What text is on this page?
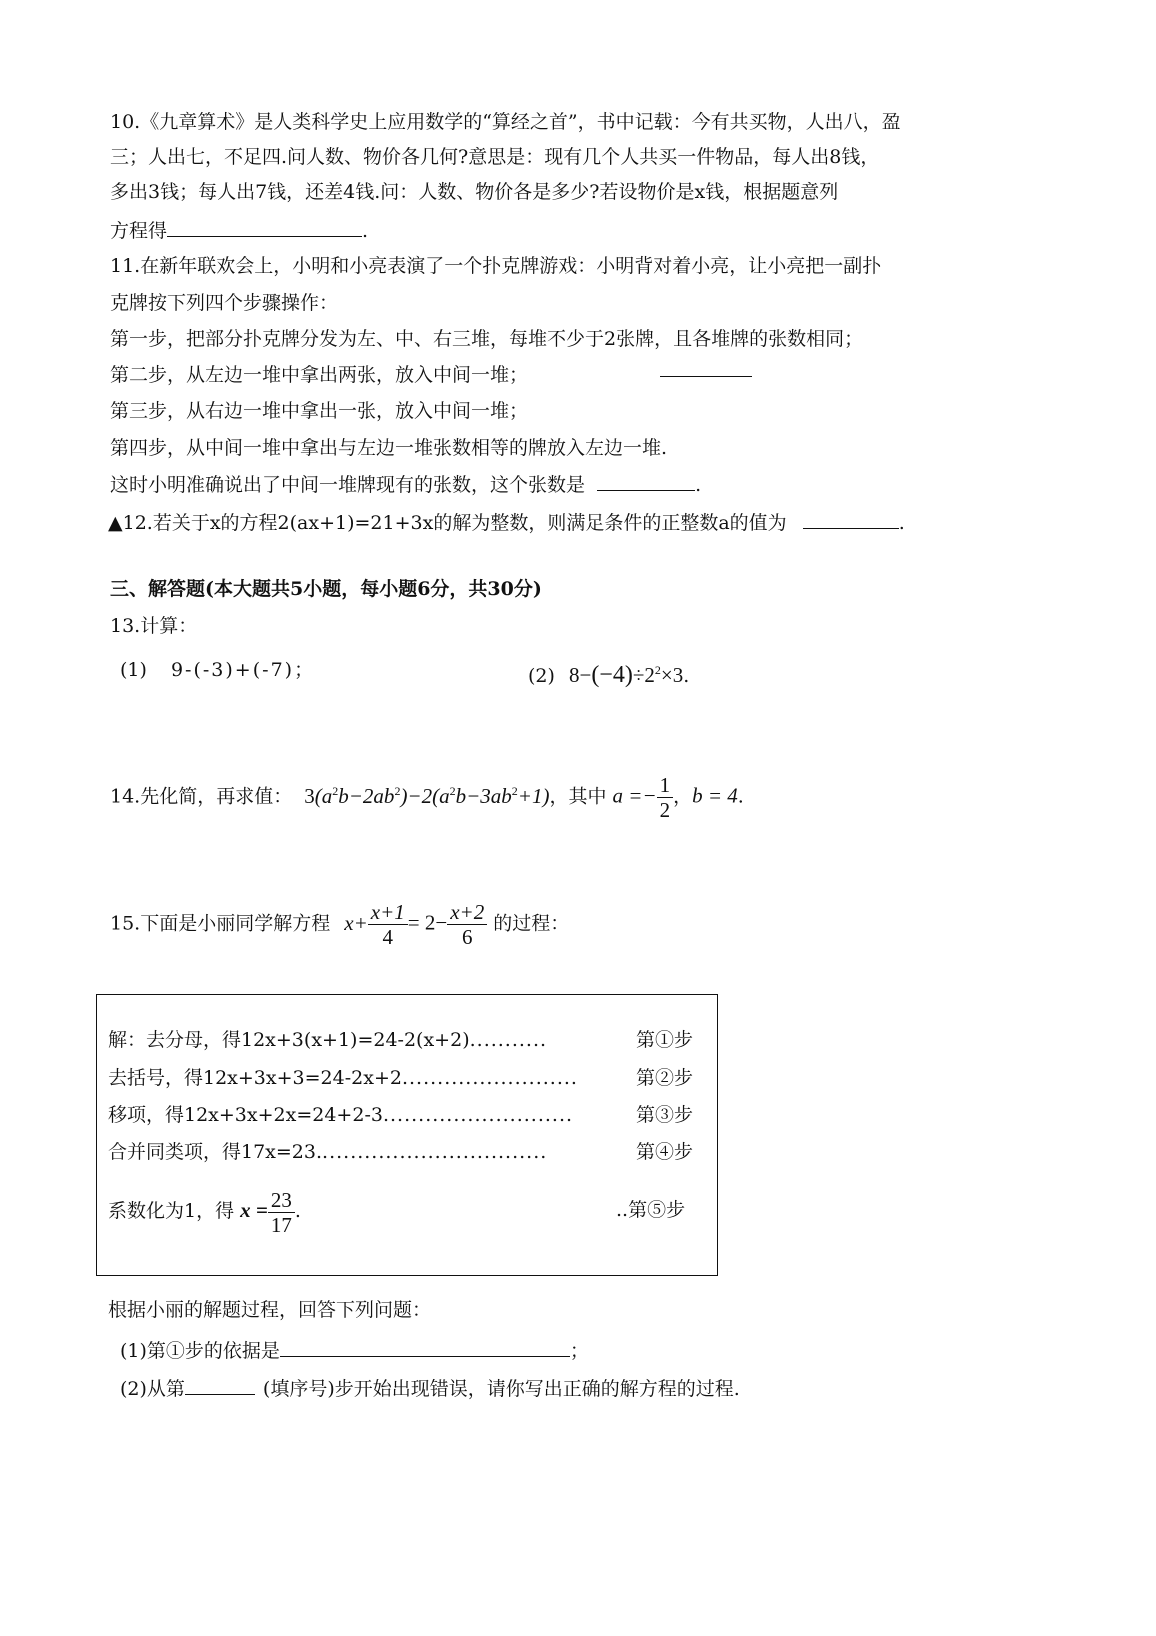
10.《九章算术》是人类科学史上应用数学的“算经之首”，书中记载：今有共买物，人出八，盈
三；人出七，不足四.问人数、物价各几何?意思是：现有几个人共买一件物品，每人出8钱，
多出3钱；每人出7钱，还差4钱.问：人数、物价各是多少?若设物价是x钱，根据题意列
方程得	.
11.在新年联欢会上，小明和小亮表演了一个扑克牌游戏：小明背对着小亮，让小亮把一副扑
克牌按下列四个步骤操作：
第一步，把部分扑克牌分发为左、中、右三堆，每堆不少于2张牌，且各堆牌的张数相同；
第二步，从左边一堆中拿出两张，放入中间一堆；
第三步，从右边一堆中拿出一张，放入中间一堆；
第四步，从中间一堆中拿出与左边一堆张数相等的牌放入左边一堆.
这时小明准确说出了中间一堆牌现有的张数，这个张数是	.
▲12.若关于x的方程2(ax+1)=21+3x的解为整数，则满足条件的正整数a的值为	.
三、解答题(本大题共5小题，每小题6分，共30分)
13.计算：
(1) 9-(-3)+(-7)；	(2) $8-(-4)\div 2^2\times 3$.
14.先化简，再求值： $3(a^2b-2ab^2)-2(a^2b-3ab^2+1)$，其中 $a =- \frac{1}{2}$ ，b = 4.
15.下面是小丽同学解方程 $x+ \frac{x+1}{4} = 2- \frac{x+2}{6}$ 的过程：
解：去分母，得12x+3(x+1)=24-2(x+2)...........	第①步
去括号，得12x+3x+3=24-2x+2.........................	第②步
移项，得12x+3x+2x=24+2-3...........................	第③步
合并同类项，得17x=23.................................	第④步
系数化为1，得 $x = \frac{23}{17}$ .	..第⑤步
根据小丽的解题过程，回答下列问题：
(1)第①步的依据是	；
(2)从第	(填序号)步开始出现错误，请你写出正确的解方程的过程.
